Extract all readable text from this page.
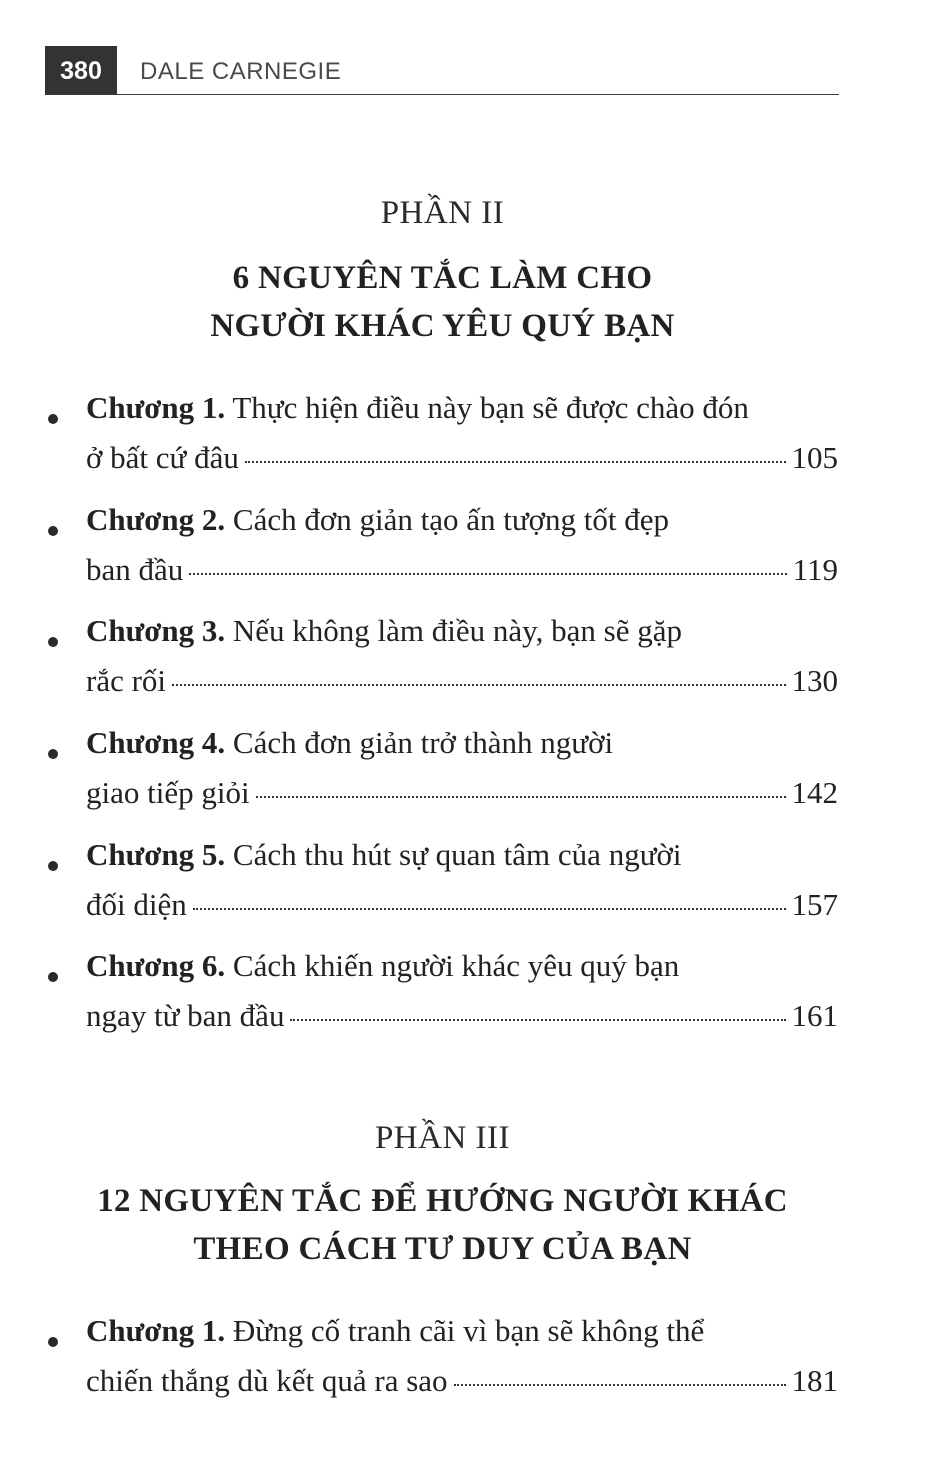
380	DALE CARNEGIE
PHẦN II
6 NGUYÊN TẮC LÀM CHO
NGƯỜI KHÁC YÊU QUÝ BẠN
Chương 1. Thực hiện điều này bạn sẽ được chào đón
ở bất cứ đâu	105
Chương 2. Cách đơn giản tạo ấn tượng tốt đẹp
ban đầu	119
Chương 3. Nếu không làm điều này, bạn sẽ gặp
rắc rối	130
Chương 4. Cách đơn giản trở thành người
giao tiếp giỏi	142
Chương 5. Cách thu hút sự quan tâm của người
đối diện	157
Chương 6. Cách khiến người khác yêu quý bạn
ngay từ ban đầu	161
PHẦN III
12 NGUYÊN TẮC ĐỂ HƯỚNG NGƯỜI KHÁC
THEO CÁCH TƯ DUY CỦA BẠN
Chương 1. Đừng cố tranh cãi vì bạn sẽ không thể
chiến thắng dù kết quả ra sao	181
